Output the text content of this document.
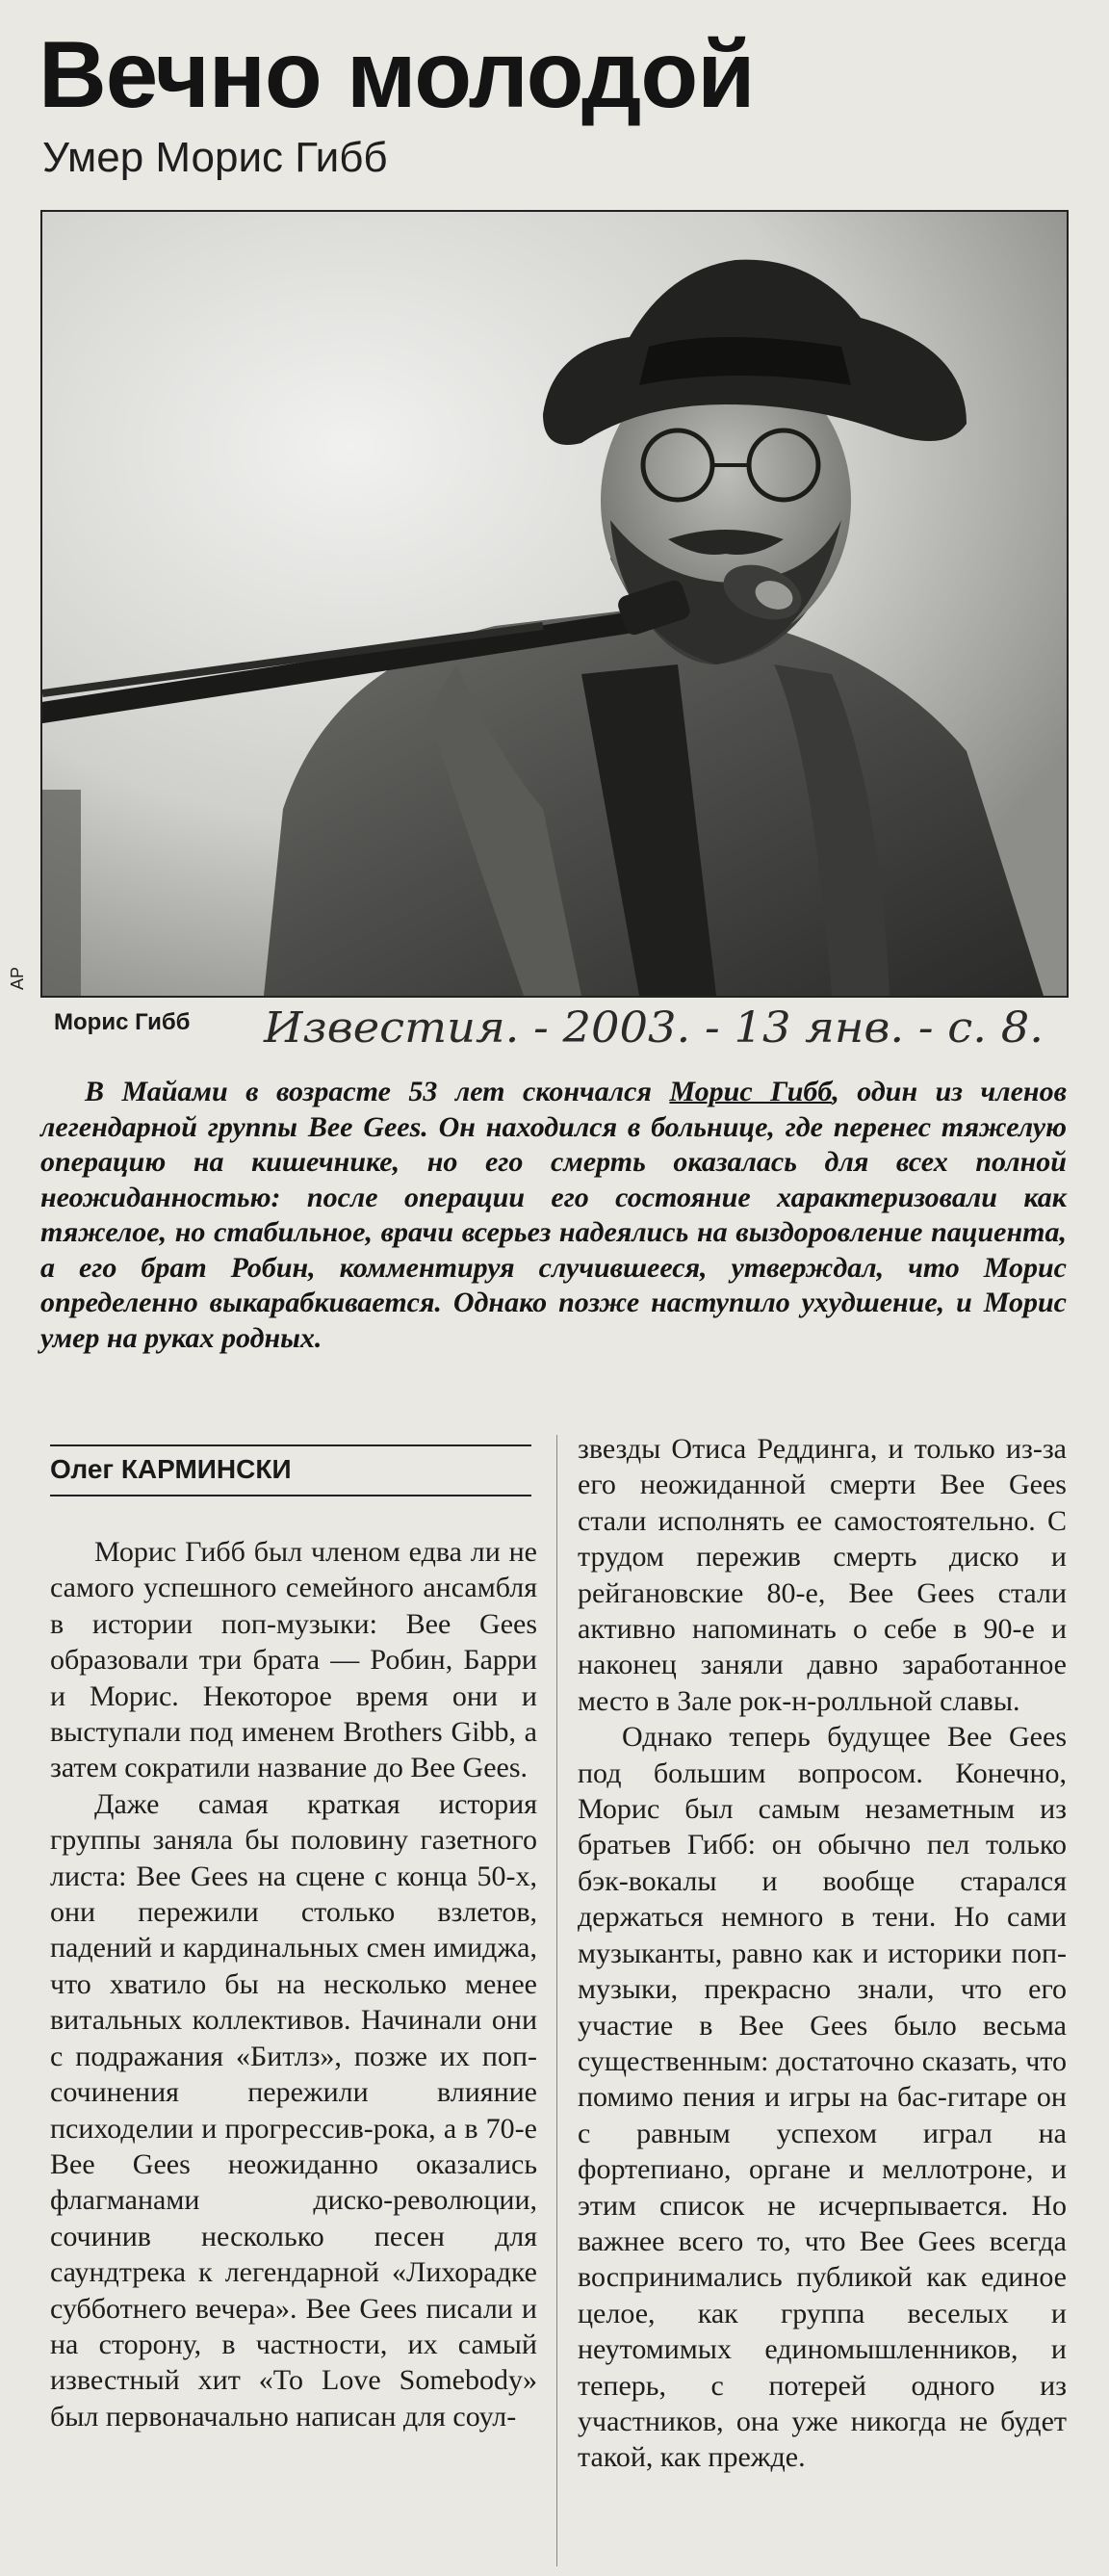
Вечно молодой
Умер Морис Гибб
AP
Морис Гибб Известия. - 2003. - 13 янв. - с. 8.

В Майами в возрасте 53 лет скончался Морис Гибб, один из членов легендарной группы Bee Gees. Он находился в больнице, где перенес тяжелую операцию на кишечнике, но его смерть оказалась для всех полной неожиданностью: после операции его состояние характеризовали как тяжелое, но стабильное, врачи всерьез надеялись на выздоровление пациента, а его брат Робин, комментируя случившееся, утверждал, что Морис определенно выкарабкивается. Однако позже наступило ухудшение, и Морис умер на руках родных.

Олег КАРМИНСКИ

Морис Гибб был членом едва ли не самого успешного семейного ансамбля в истории поп-музыки: Bee Gees образовали три брата — Робин, Барри и Морис. Некоторое время они и выступали под именем Brothers Gibb, а затем сократили название до Bee Gees.

Даже самая краткая история группы заняла бы половину газетного листа: Bee Gees на сцене с конца 50-х, они пережили столько взлетов, падений и кардинальных смен имиджа, что хватило бы на несколько менее витальных коллективов. Начинали они с подражания «Битлз», позже их поп-сочинения пережили влияние психоделии и прогрессив-рока, а в 70-е Bee Gees неожиданно оказались флагманами диско-революции, сочинив несколько песен для саундтрека к легендарной «Лихорадке субботнего вечера». Bee Gees писали и на сторону, в частности, их самый известный хит «To Love Somebody» был первоначально написан для соул-

звезды Отиса Реддинга, и только из-за его неожиданной смерти Bee Gees стали исполнять ее самостоятельно. С трудом пережив смерть диско и рейгановские 80-е, Bee Gees стали активно напоминать о себе в 90-е и наконец заняли давно заработанное место в Зале рок-н-ролльной славы.

Однако теперь будущее Bee Gees под большим вопросом. Конечно, Морис был самым незаметным из братьев Гибб: он обычно пел только бэк-вокалы и вообще старался держаться немного в тени. Но сами музыканты, равно как и историки поп-музыки, прекрасно знали, что его участие в Bee Gees было весьма существенным: достаточно сказать, что помимо пения и игры на бас-гитаре он с равным успехом играл на фортепиано, органе и меллотроне, и этим список не исчерпывается. Но важнее всего то, что Bee Gees всегда воспринимались публикой как единое целое, как группа веселых и неутомимых единомышленников, и теперь, с потерей одного из участников, она уже никогда не будет такой, как прежде.
